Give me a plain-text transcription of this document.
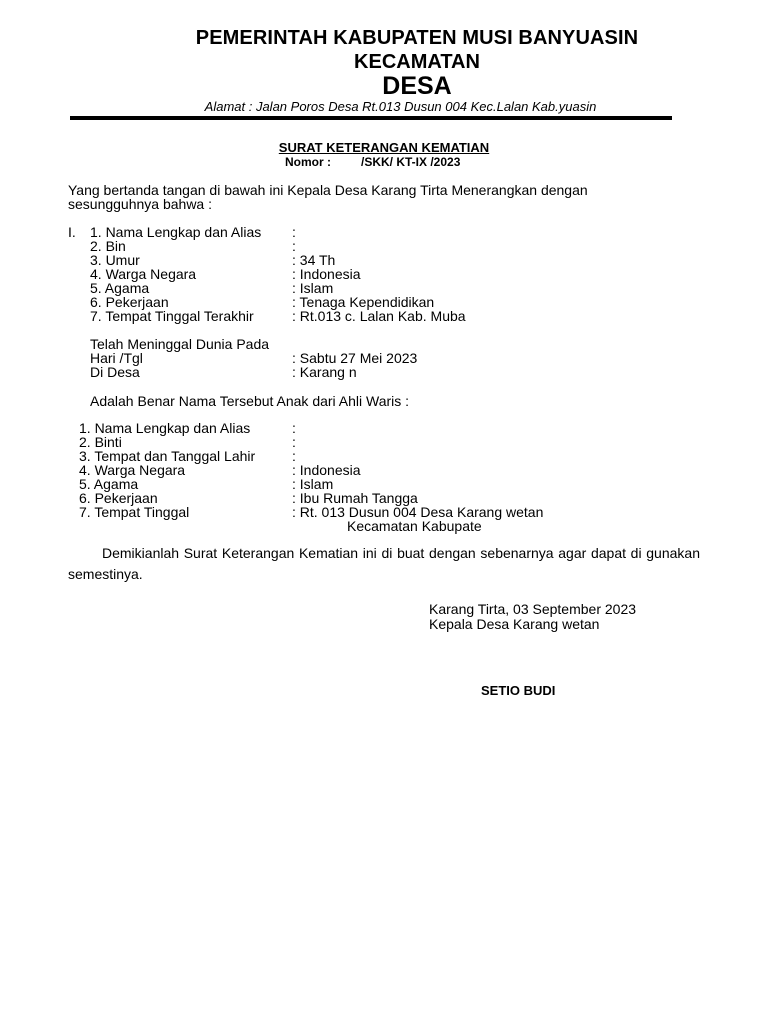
PEMERINTAH KABUPATEN MUSI BANYUASIN
KECAMATAN
DESA
Alamat : Jalan Poros Desa Rt.013 Dusun 004 Kec.Lalan Kab.yuasin
SURAT KETERANGAN KEMATIAN
Nomor :         /SKK/ KT-IX /2023
Yang bertanda tangan di bawah ini Kepala Desa Karang Tirta Menerangkan dengan
sesungguhnya bahwa :
I. 1. Nama Lengkap dan Alias :
2. Bin	:
3. Umur	: 34 Th
4. Warga Negara	: Indonesia
5. Agama	: Islam
6. Pekerjaan	: Tenaga Kependidikan
7. Tempat Tinggal Terakhir	: Rt.013 c. Lalan Kab. Muba
Telah Meninggal Dunia Pada
Hari /Tgl	: Sabtu 27 Mei 2023
Di Desa	: Karang n
Adalah Benar Nama Tersebut Anak dari Ahli Waris :
1. Nama Lengkap dan Alias	:
2. Binti	:
3. Tempat dan Tanggal Lahir	:
4. Warga Negara	: Indonesia
5. Agama	: Islam
6. Pekerjaan	: Ibu Rumah Tangga
7. Tempat Tinggal	: Rt. 013 Dusun 004 Desa Karang wetan
Kecamatan Kabupate
Demikianlah Surat Keterangan Kematian ini di buat dengan sebenarnya agar dapat di gunakan semestinya.
Karang Tirta, 03 September 2023
Kepala Desa Karang wetan
SETIO BUDI
